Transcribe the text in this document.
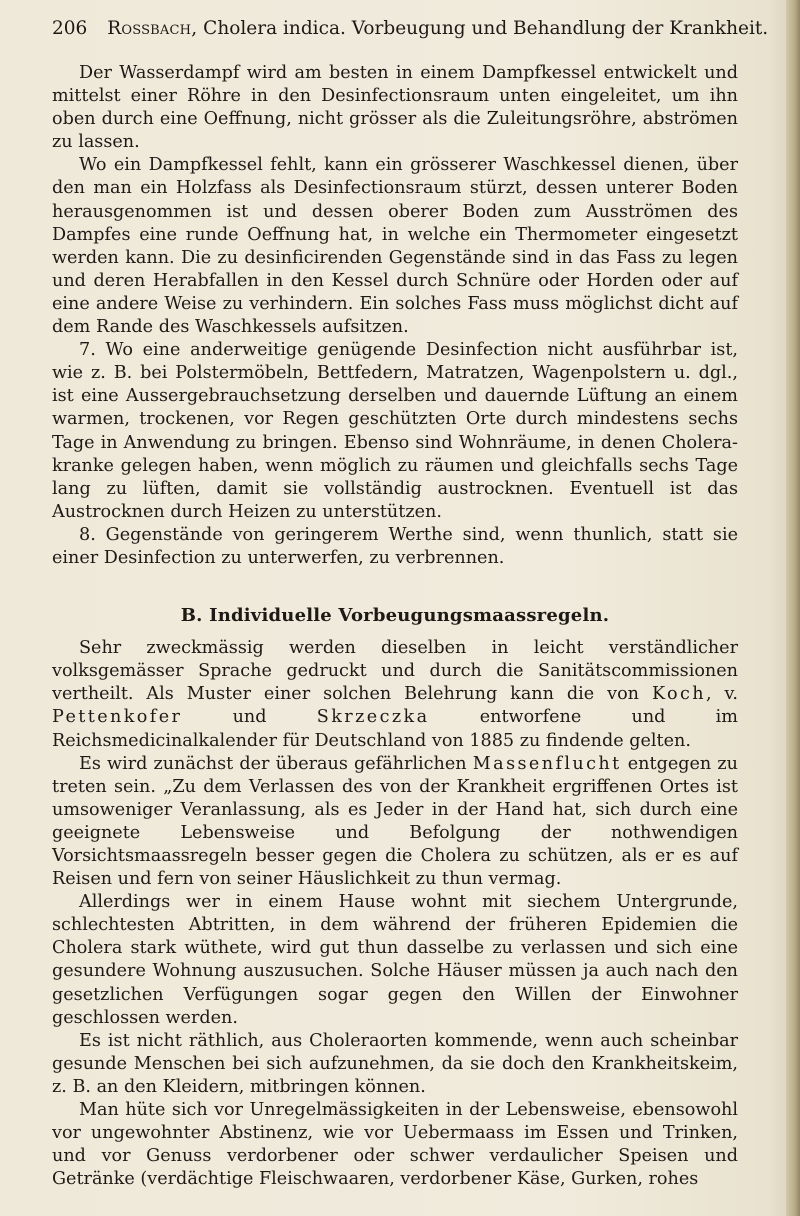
206 Rossbach, Cholera indica. Vorbeugung und Behandlung der Krankheit.

Der Wasserdampf wird am besten in einem Dampfkessel entwickelt und mittelst einer Röhre in den Desinfectionsraum unten eingeleitet, um ihn oben durch eine Oeffnung, nicht grösser als die Zuleitungsröhre, abströmen zu lassen.

Wo ein Dampfkessel fehlt, kann ein grösserer Waschkessel dienen, über den man ein Holzfass als Desinfectionsraum stürzt, dessen unterer Boden herausgenommen ist und dessen oberer Boden zum Ausströmen des Dampfes eine runde Oeffnung hat, in welche ein Thermometer eingesetzt werden kann. Die zu desinficirenden Gegenstände sind in das Fass zu legen und deren Herabfallen in den Kessel durch Schnüre oder Horden oder auf eine andere Weise zu verhindern. Ein solches Fass muss möglichst dicht auf dem Rande des Waschkessels aufsitzen.

7. Wo eine anderweitige genügende Desinfection nicht ausführbar ist, wie z. B. bei Polstermöbeln, Bettfedern, Matratzen, Wagenpolstern u. dgl., ist eine Aussergebrauchsetzung derselben und dauernde Lüftung an einem warmen, trockenen, vor Regen geschützten Orte durch mindestens sechs Tage in Anwendung zu bringen. Ebenso sind Wohnräume, in denen Cholera-kranke gelegen haben, wenn möglich zu räumen und gleichfalls sechs Tage lang zu lüften, damit sie vollständig austrocknen. Eventuell ist das Austrocknen durch Heizen zu unterstützen.

8. Gegenstände von geringerem Werthe sind, wenn thunlich, statt sie einer Desinfection zu unterwerfen, zu verbrennen.

B. Individuelle Vorbeugungsmaassregeln.

Sehr zweckmässig werden dieselben in leicht verständlicher volksgemässer Sprache gedruckt und durch die Sanitätscommissionen vertheilt. Als Muster einer solchen Belehrung kann die von Koch, v. Pettenkofer und Skrzeczka entworfene und im Reichsmedicinalkalender für Deutschland von 1885 zu findende gelten.

Es wird zunächst der überaus gefährlichen Massenflucht entgegen zu treten sein. „Zu dem Verlassen des von der Krankheit ergriffenen Ortes ist umsoweniger Veranlassung, als es Jeder in der Hand hat, sich durch eine geeignete Lebensweise und Befolgung der nothwendigen Vorsichtsmaassregeln besser gegen die Cholera zu schützen, als er es auf Reisen und fern von seiner Häuslichkeit zu thun vermag.

Allerdings wer in einem Hause wohnt mit siechem Untergrunde, schlechtesten Abtritten, in dem während der früheren Epidemien die Cholera stark wüthete, wird gut thun dasselbe zu verlassen und sich eine gesundere Wohnung auszusuchen. Solche Häuser müssen ja auch nach den gesetzlichen Verfügungen sogar gegen den Willen der Einwohner geschlossen werden.

Es ist nicht räthlich, aus Choleraorten kommende, wenn auch scheinbar gesunde Menschen bei sich aufzunehmen, da sie doch den Krankheitskeim, z. B. an den Kleidern, mitbringen können.

Man hüte sich vor Unregelmässigkeiten in der Lebensweise, ebensowohl vor ungewohnter Abstinenz, wie vor Uebermaass im Essen und Trinken, und vor Genuss verdorbener oder schwer verdaulicher Speisen und Getränke (verdächtige Fleischwaaren, verdorbener Käse, Gurken, rohes
